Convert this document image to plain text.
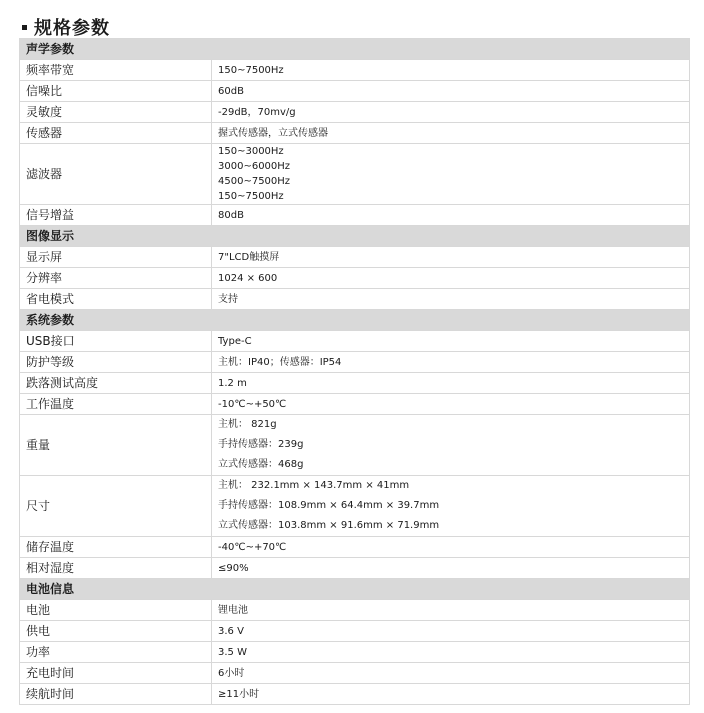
规格参数
声学参数	
频率带宽	150~7500Hz

信噪比	60dB

灵敏度	-29dB，70mv/g

传感器	握式传感器，立式传感器

滤波器	150~3000Hz
3000~6000Hz
4500~7500Hz
150~7500Hz

信号增益	80dB

图像显示	
显示屏	7"LCD触摸屏

分辨率	1024 × 600

省电模式	支持

系统参数	
USB接口	Type-C

防护等级	主机：IP40；传感器：IP54

跌落测试高度	1.2 m

工作温度	-10℃~+50℃

重量	主机： 821g
手持传感器：239g
立式传感器：468g

尺寸	主机： 232.1mm × 143.7mm × 41mm
手持传感器：108.9mm × 64.4mm × 39.7mm
立式传感器：103.8mm × 91.6mm × 71.9mm

储存温度	-40℃~+70℃

相对湿度	≤90%

电池信息	
电池	锂电池

供电	3.6 V

功率	3.5 W

充电时间	6小时

续航时间	≥11小时
